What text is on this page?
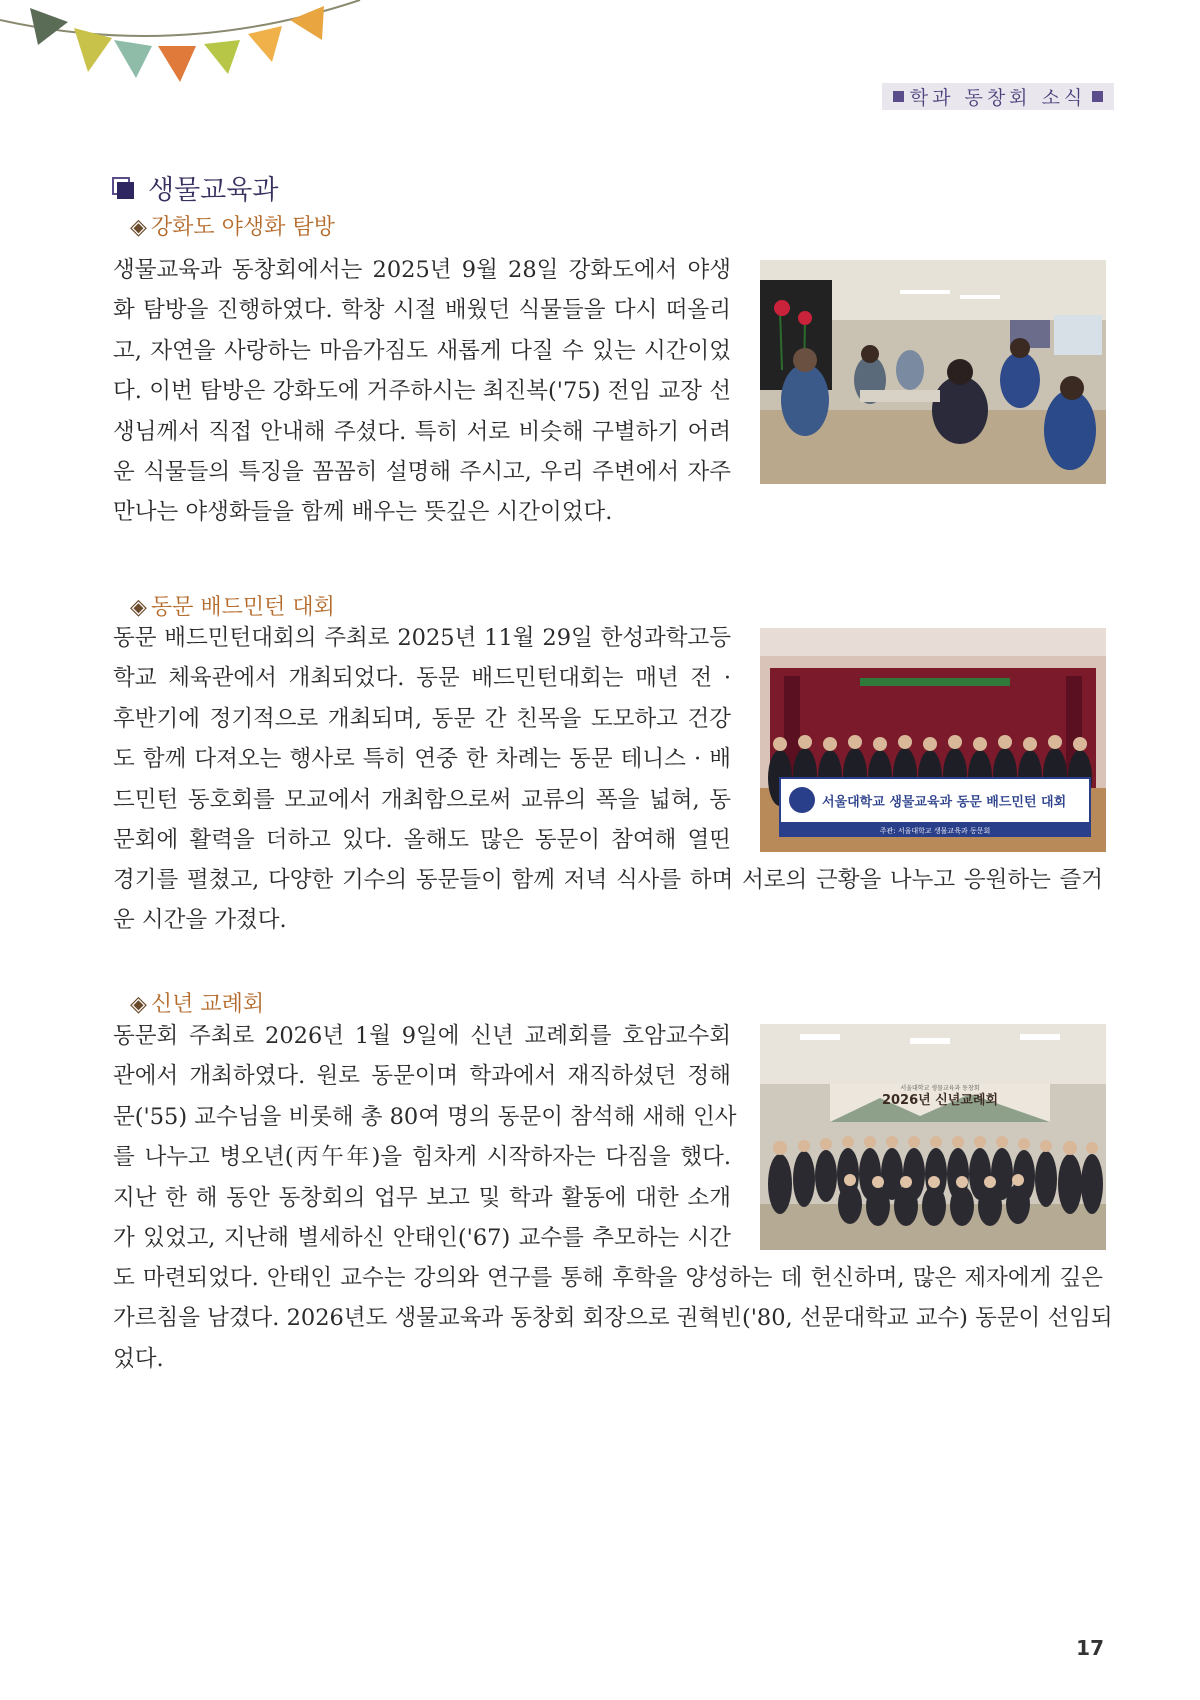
학과 동창회 소식
생물교육과
◈ 강화도 야생화 탐방
생물교육과 동창회에서는 2025년 9월 28일 강화도에서 야생
화 탐방을 진행하였다. 학창 시절 배웠던 식물들을 다시 떠올리
고, 자연을 사랑하는 마음가짐도 새롭게 다질 수 있는 시간이었
다. 이번 탐방은 강화도에 거주하시는 최진복('75) 전임 교장 선
생님께서 직접 안내해 주셨다. 특히 서로 비슷해 구별하기 어려
운 식물들의 특징을 꼼꼼히 설명해 주시고, 우리 주변에서 자주
만나는 야생화들을 함께 배우는 뜻깊은 시간이었다.
◈ 동문 배드민턴 대회
동문 배드민턴대회의 주최로 2025년 11월 29일 한성과학고등
학교 체육관에서 개최되었다. 동문 배드민턴대회는 매년 전 ·
후반기에 정기적으로 개최되며, 동문 간 친목을 도모하고 건강
도 함께 다져오는 행사로 특히 연중 한 차례는 동문 테니스 · 배
드민턴 동호회를 모교에서 개최함으로써 교류의 폭을 넓혀, 동
문회에 활력을 더하고 있다. 올해도 많은 동문이 참여해 열띤
경기를 펼쳤고, 다양한 기수의 동문들이 함께 저녁 식사를 하며 서로의 근황을 나누고 응원하는 즐거
운 시간을 가졌다.
서울대학교 생물교육과 동문 배드민턴 대회
주관: 서울대학교 생물교육과 동문회
◈ 신년 교례회
동문회 주최로 2026년 1월 9일에 신년 교례회를 호암교수회
관에서 개최하였다. 원로 동문이며 학과에서 재직하셨던 정해
문('55) 교수님을 비롯해 총 80여 명의 동문이 참석해 새해 인사
를 나누고 병오년(丙午年)을 힘차게 시작하자는 다짐을 했다.
지난 한 해 동안 동창회의 업무 보고 및 학과 활동에 대한 소개
가 있었고, 지난해 별세하신 안태인('67) 교수를 추모하는 시간
도 마련되었다. 안태인 교수는 강의와 연구를 통해 후학을 양성하는 데 헌신하며, 많은 제자에게 깊은
가르침을 남겼다. 2026년도 생물교육과 동창회 회장으로 권혁빈('80, 선문대학교 교수) 동문이 선임되
었다.
2026년 신년교례회
서울대학교 생물교육과 동창회
17
